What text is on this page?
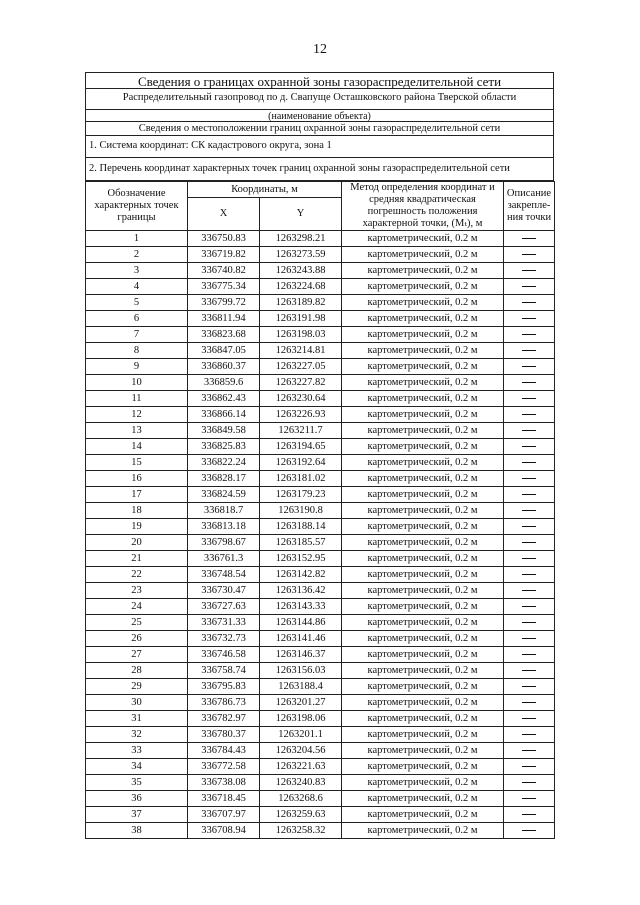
12
Сведения о границах охранной зоны газораспределительной сети
Распределительный газопровод по д. Свапуще Осташковского района Тверской области
(наименование объекта)
Сведения о местоположении границ охранной зоны газораспределительной сети
1. Система координат: СК кадастрового округа, зона 1
2. Перечень координат характерных точек границ охранной зоны газораспределительной сети
Обозначение характерных точек границы	Координаты, м		Метод определения координат и средняя квадратическая погрешность положения характерной точки, (Мₜ), м	Описание закрепле-ния точки
	X	Y		
1	336750.83	1263298.21	картометрический, 0.2 м	
2	336719.82	1263273.59	картометрический, 0.2 м	
3	336740.82	1263243.88	картометрический, 0.2 м	
4	336775.34	1263224.68	картометрический, 0.2 м	
5	336799.72	1263189.82	картометрический, 0.2 м	
6	336811.94	1263191.98	картометрический, 0.2 м	
7	336823.68	1263198.03	картометрический, 0.2 м	
8	336847.05	1263214.81	картометрический, 0.2 м	
9	336860.37	1263227.05	картометрический, 0.2 м	
10	336859.6	1263227.82	картометрический, 0.2 м	
11	336862.43	1263230.64	картометрический, 0.2 м	
12	336866.14	1263226.93	картометрический, 0.2 м	
13	336849.58	1263211.7	картометрический, 0.2 м	
14	336825.83	1263194.65	картометрический, 0.2 м	
15	336822.24	1263192.64	картометрический, 0.2 м	
16	336828.17	1263181.02	картометрический, 0.2 м	
17	336824.59	1263179.23	картометрический, 0.2 м	
18	336818.7	1263190.8	картометрический, 0.2 м	
19	336813.18	1263188.14	картометрический, 0.2 м	
20	336798.67	1263185.57	картометрический, 0.2 м	
21	336761.3	1263152.95	картометрический, 0.2 м	
22	336748.54	1263142.82	картометрический, 0.2 м	
23	336730.47	1263136.42	картометрический, 0.2 м	
24	336727.63	1263143.33	картометрический, 0.2 м	
25	336731.33	1263144.86	картометрический, 0.2 м	
26	336732.73	1263141.46	картометрический, 0.2 м	
27	336746.58	1263146.37	картометрический, 0.2 м	
28	336758.74	1263156.03	картометрический, 0.2 м	
29	336795.83	1263188.4	картометрический, 0.2 м	
30	336786.73	1263201.27	картометрический, 0.2 м	
31	336782.97	1263198.06	картометрический, 0.2 м	
32	336780.37	1263201.1	картометрический, 0.2 м	
33	336784.43	1263204.56	картометрический, 0.2 м	
34	336772.58	1263221.63	картометрический, 0.2 м	
35	336738.08	1263240.83	картометрический, 0.2 м	
36	336718.45	1263268.6	картометрический, 0.2 м	
37	336707.97	1263259.63	картометрический, 0.2 м	
38	336708.94	1263258.32	картометрический, 0.2 м	
